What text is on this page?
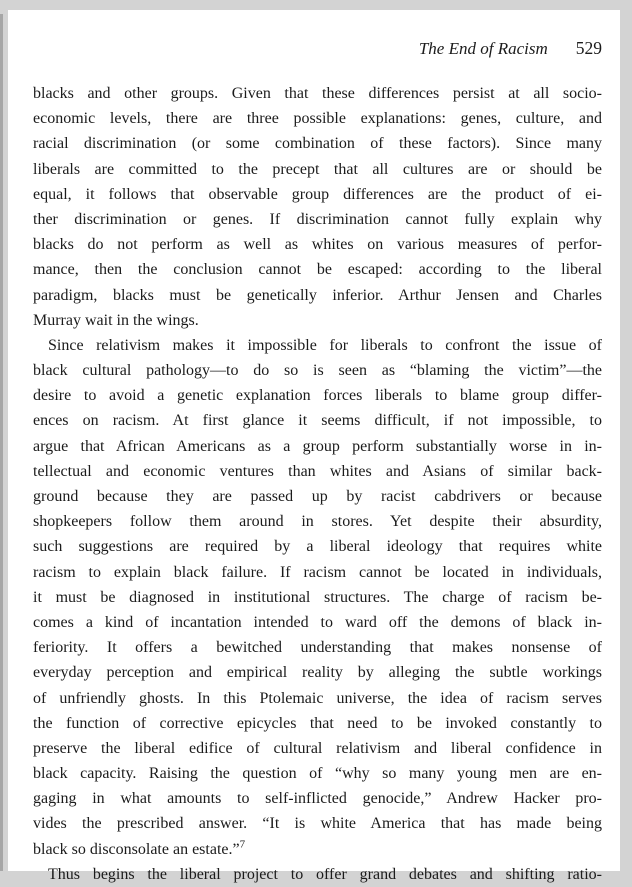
The End of Racism 529
blacks and other groups. Given that these differences persist at all socio-
economic levels, there are three possible explanations: genes, culture, and
racial discrimination (or some combination of these factors). Since many
liberals are committed to the precept that all cultures are or should be
equal, it follows that observable group differences are the product of ei-
ther discrimination or genes. If discrimination cannot fully explain why
blacks do not perform as well as whites on various measures of perfor-
mance, then the conclusion cannot be escaped: according to the liberal
paradigm, blacks must be genetically inferior. Arthur Jensen and Charles
Murray wait in the wings.
Since relativism makes it impossible for liberals to confront the issue of
black cultural pathology—to do so is seen as “blaming the victim”—the
desire to avoid a genetic explanation forces liberals to blame group differ-
ences on racism. At first glance it seems difficult, if not impossible, to
argue that African Americans as a group perform substantially worse in in-
tellectual and economic ventures than whites and Asians of similar back-
ground because they are passed up by racist cabdrivers or because
shopkeepers follow them around in stores. Yet despite their absurdity,
such suggestions are required by a liberal ideology that requires white
racism to explain black failure. If racism cannot be located in individuals,
it must be diagnosed in institutional structures. The charge of racism be-
comes a kind of incantation intended to ward off the demons of black in-
feriority. It offers a bewitched understanding that makes nonsense of
everyday perception and empirical reality by alleging the subtle workings
of unfriendly ghosts. In this Ptolemaic universe, the idea of racism serves
the function of corrective epicycles that need to be invoked constantly to
preserve the liberal edifice of cultural relativism and liberal confidence in
black capacity. Raising the question of “why so many young men are en-
gaging in what amounts to self-inflicted genocide,” Andrew Hacker pro-
vides the prescribed answer. “It is white America that has made being
black so disconsolate an estate.”$^7$
Thus begins the liberal project to offer grand debates and shifting ratio-
